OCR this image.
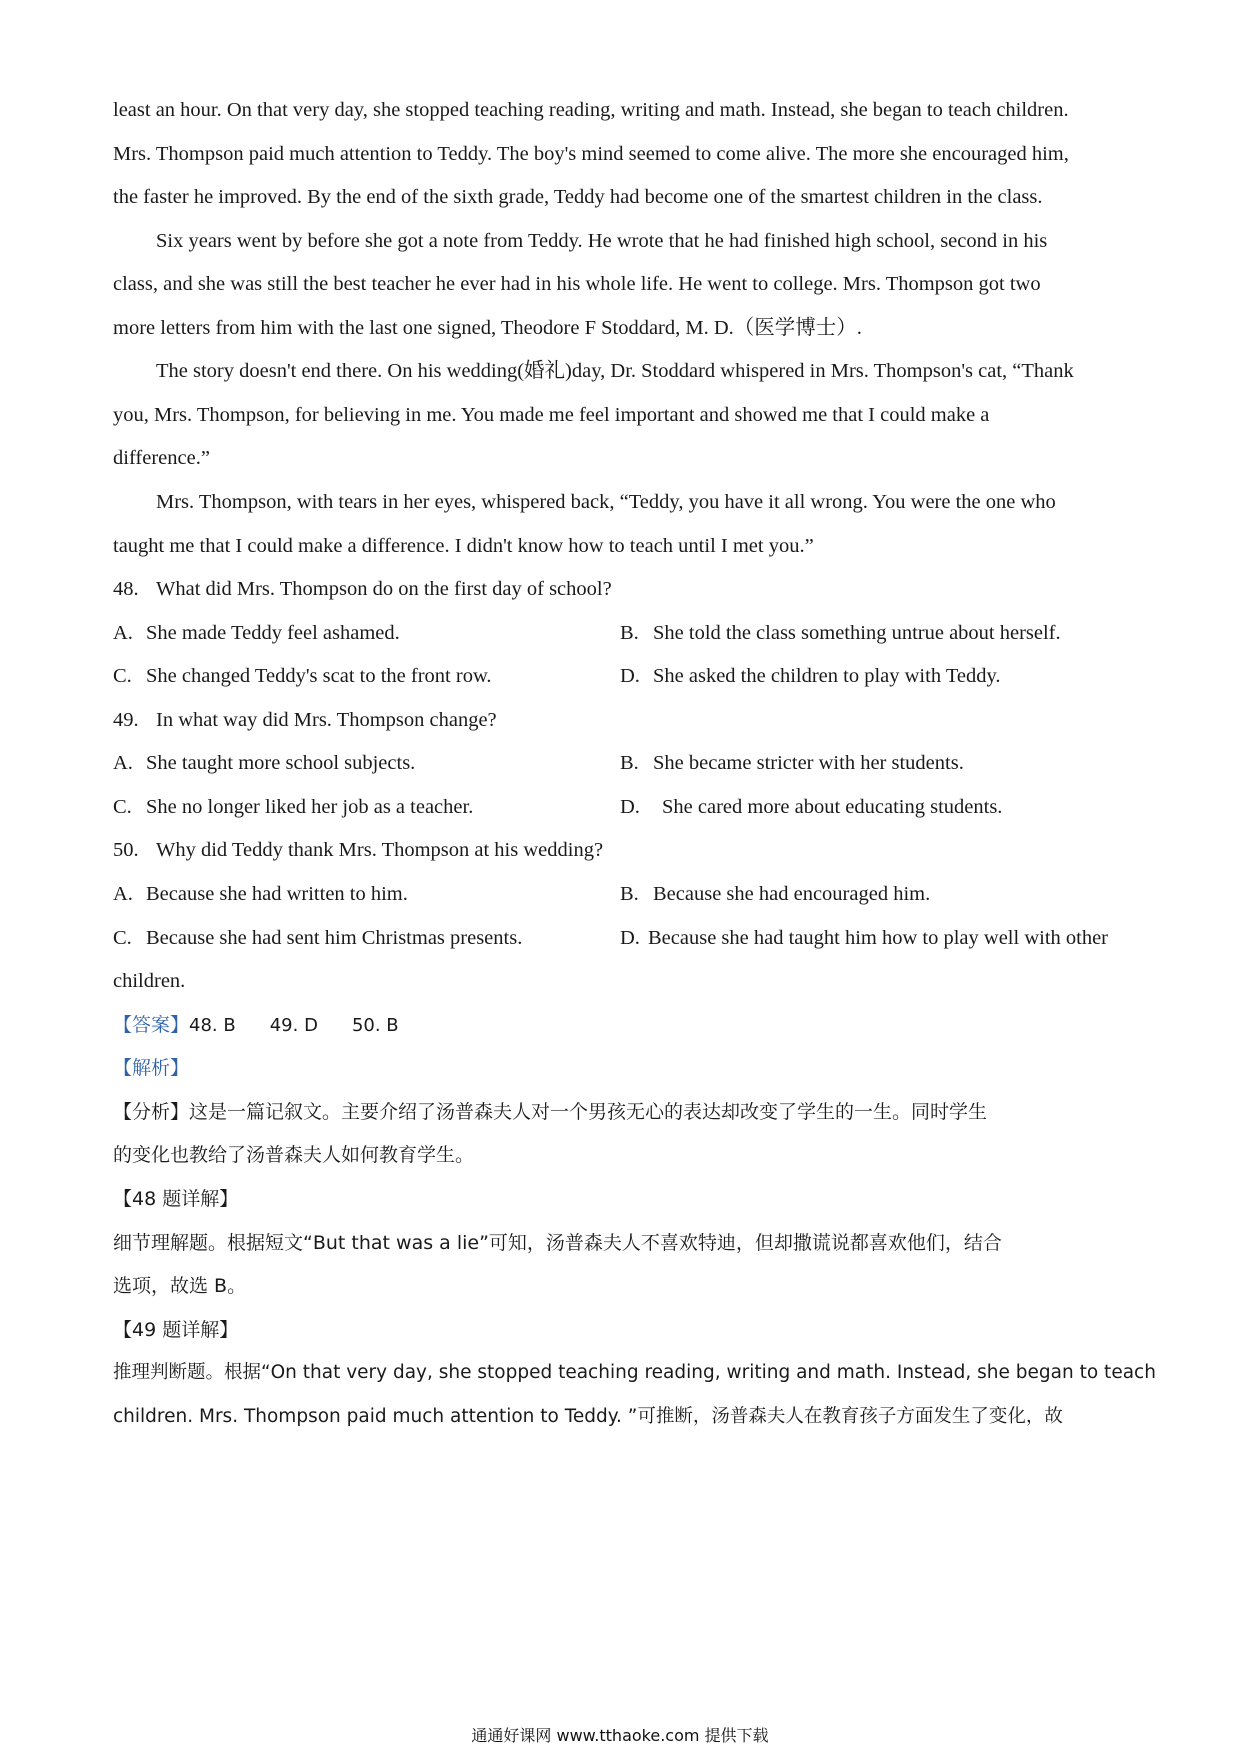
least an hour. On that very day, she stopped teaching reading, writing and math. Instead, she began to teach children.
Mrs. Thompson paid much attention to Teddy. The boy's mind seemed to come alive. The more she encouraged him,
the faster he improved. By the end of the sixth grade, Teddy had become one of the smartest children in the class.
Six years went by before she got a note from Teddy. He wrote that he had finished high school, second in his
class, and she was still the best teacher he ever had in his whole life. He went to college. Mrs. Thompson got two
more letters from him with the last one signed, Theodore F Stoddard, M. D.（医学博士）.
The story doesn't end there. On his wedding(婚礼)day, Dr. Stoddard whispered in Mrs. Thompson's cat, “Thank
you, Mrs. Thompson, for believing in me. You made me feel important and showed me that I could make a
difference.”
Mrs. Thompson, with tears in her eyes, whispered back, “Teddy, you have it all wrong. You were the one who
taught me that I could make a difference. I didn't know how to teach until I met you.”
48. What did Mrs. Thompson do on the first day of school?
A. She made Teddy feel ashamed.	B. She told the class something untrue about herself.
C. She changed Teddy's scat to the front row.	D. She asked the children to play with Teddy.
49. In what way did Mrs. Thompson change?
A. She taught more school subjects.	B. She became stricter with her students.
C. She no longer liked her job as a teacher.	D. She cared more about educating students.
50. Why did Teddy thank Mrs. Thompson at his wedding?
A. Because she had written to him.	B. Because she had encouraged him.
C. Because she had sent him Christmas presents.	D. Because she had taught him how to play well with other
children.
【答案】48. B 49. D 50. B
【解析】
【分析】这是一篇记叙文。主要介绍了汤普森夫人对一个男孩无心的表达却改变了学生的一生。同时学生
的变化也教给了汤普森夫人如何教育学生。
【48 题详解】
细节理解题。根据短文“But that was a lie”可知，汤普森夫人不喜欢特迪，但却撒谎说都喜欢他们，结合
选项，故选 B。
【49 题详解】
推理判断题。根据“On that very day, she stopped teaching reading, writing and math. Instead, she began to teach
children. Mrs. Thompson paid much attention to Teddy. ”可推断，汤普森夫人在教育孩子方面发生了变化，故
通通好课网 www.tthaoke.com 提供下载
